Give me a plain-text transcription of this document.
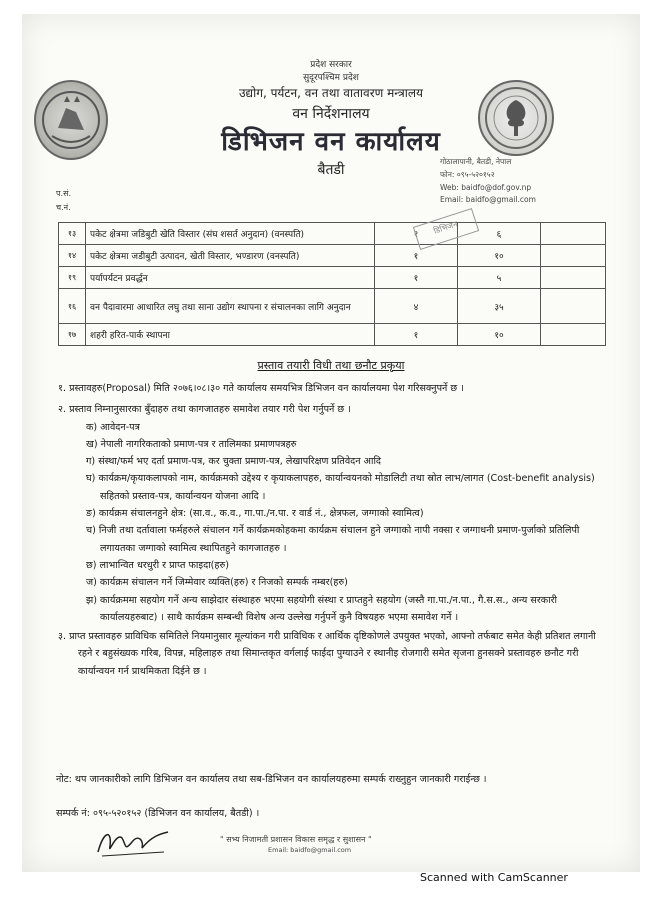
प्रदेश सरकार
सुदूरपश्चिम प्रदेश
उद्योग, पर्यटन, वन तथा वातावरण मन्त्रालय
वन निर्देशनालय
डिभिजन वन कार्यालय
बैतडी
गोठालापानी, बैतडी, नेपाल
फोन: ०९५-५२०१५२
Web: baidfo@dof.gov.np
Email: baidfo@gmail.com
प.सं.
च.नं.
१३	पकेट क्षेत्रमा जडिबुटी खेति विस्तार (संघ शसर्त अनुदान) (वनस्पति)	१	६	
१४	पकेट क्षेत्रमा जडीबुटी उत्पादन, खेती विस्तार, भण्डारण (वनस्पति)	१	१०	
१९	पर्यापर्यटन प्रवर्द्धन	१	५	
१६	वन पैदावारमा आधारित लघु तथा साना उद्योग स्थापना र संचालनका लागि अनुदान	४	३५	
१७	शहरी हरित-पार्क स्थापना	१	१०	
डिभिजन
प्रस्ताव तयारी विधी तथा छनौट प्रकृया

१. प्रस्तावहरु(Proposal) मिति २०७६।०८।३० गते कार्यालय समयभित्र डिभिजन वन कार्यालयमा पेश गरिसक्नुपर्ने छ ।

२. प्रस्ताव निम्नानुसारका बुँदाहरु तथा कागजातहरु समावेश तयार गरी पेश गर्नुपर्ने छ ।

क) आवेदन-पत्र

ख) नेपाली नागरिकताको प्रमाण-पत्र र तालिमका प्रमाणपत्रहरु

ग) संस्था/फर्म भए दर्ता प्रमाण-पत्र, कर चुक्ता प्रमाण-पत्र, लेखापरिक्षण प्रतिवेदन आदि

घ) कार्यक्रम/कृयाकलापको नाम, कार्यक्रमको उद्देश्य र कृयाकलापहरु, कार्यान्वयनको मोडालिटी तथा स्रोत लाभ/लागत (Cost-benefit analysis) सहितको प्रस्ताव-पत्र, कार्यान्वयन योजना आदि ।

ङ) कार्यक्रम संचालनहुने क्षेत्र: (सा.व., क.व., गा.पा./न.पा. र वार्ड नं., क्षेत्रफल, जग्गाको स्वामित्व)

च) निजी तथा दर्तावाला फर्महरुले संचालन गर्ने कार्यक्रमकोहकमा कार्यक्रम संचालन हुने जग्गाको नापी नक्सा र जग्गाधनी प्रमाण-पुर्जाको प्रतिलिपी लगायतका जग्गाको स्वामित्व स्थापितहुने कागजातहरु ।

छ) लाभान्वित धरधुरी र प्राप्त फाइदा(हरु)

ज) कार्यक्रम संचालन गर्ने जिम्मेवार व्यक्ति(हरु) र निजको सम्पर्क नम्बर(हरु)

झ) कार्यक्रममा सहयोग गर्ने अन्य साझेदार संस्थाहरु भएमा सहयोगी संस्था र प्राप्तहुने सहयोग (जस्तै गा.पा./न.पा., गै.स.स., अन्य सरकारी कार्यालयहरुबाट) । साथै कार्यक्रम सम्बन्धी विशेष अन्य उल्लेख गर्नुपर्ने कुनै विषयहरु भएमा समावेश गर्ने ।

३. प्राप्त प्रस्तावहरु प्राविधिक समितिले नियमानुसार मूल्यांकन गरी प्राविधिक र आर्थिक दृष्टिकोणले उपयुक्त भएको, आफ्नो तर्फबाट समेत केही प्रतिशत लगानी रहने र बहुसंख्यक गरिब, विपन्न, महिलाहरु तथा सिमान्तकृत वर्गलाई फाईदा पुग्याउने र स्थानीइ रोजगारी समेत सृजना हुनसक्ने प्रस्तावहरु छनौट गरी कार्यान्वयन गर्न प्राथमिकता दिईने छ ।

नोट: थप जानकारीको लागि डिभिजन वन कार्यालय तथा सब-डिभिजन वन कार्यालयहरुमा सम्पर्क राख्नुहुन जानकारी गराईन्छ ।
सम्पर्क नं: ०९५-५२०१५२ (डिभिजन वन कार्यालय, बैतडी) ।
" सभ्य निजामती प्रशासन विकास समृद्ध र सुशासन "
Email: baidfo@gmail.com
Scanned with CamScanner
